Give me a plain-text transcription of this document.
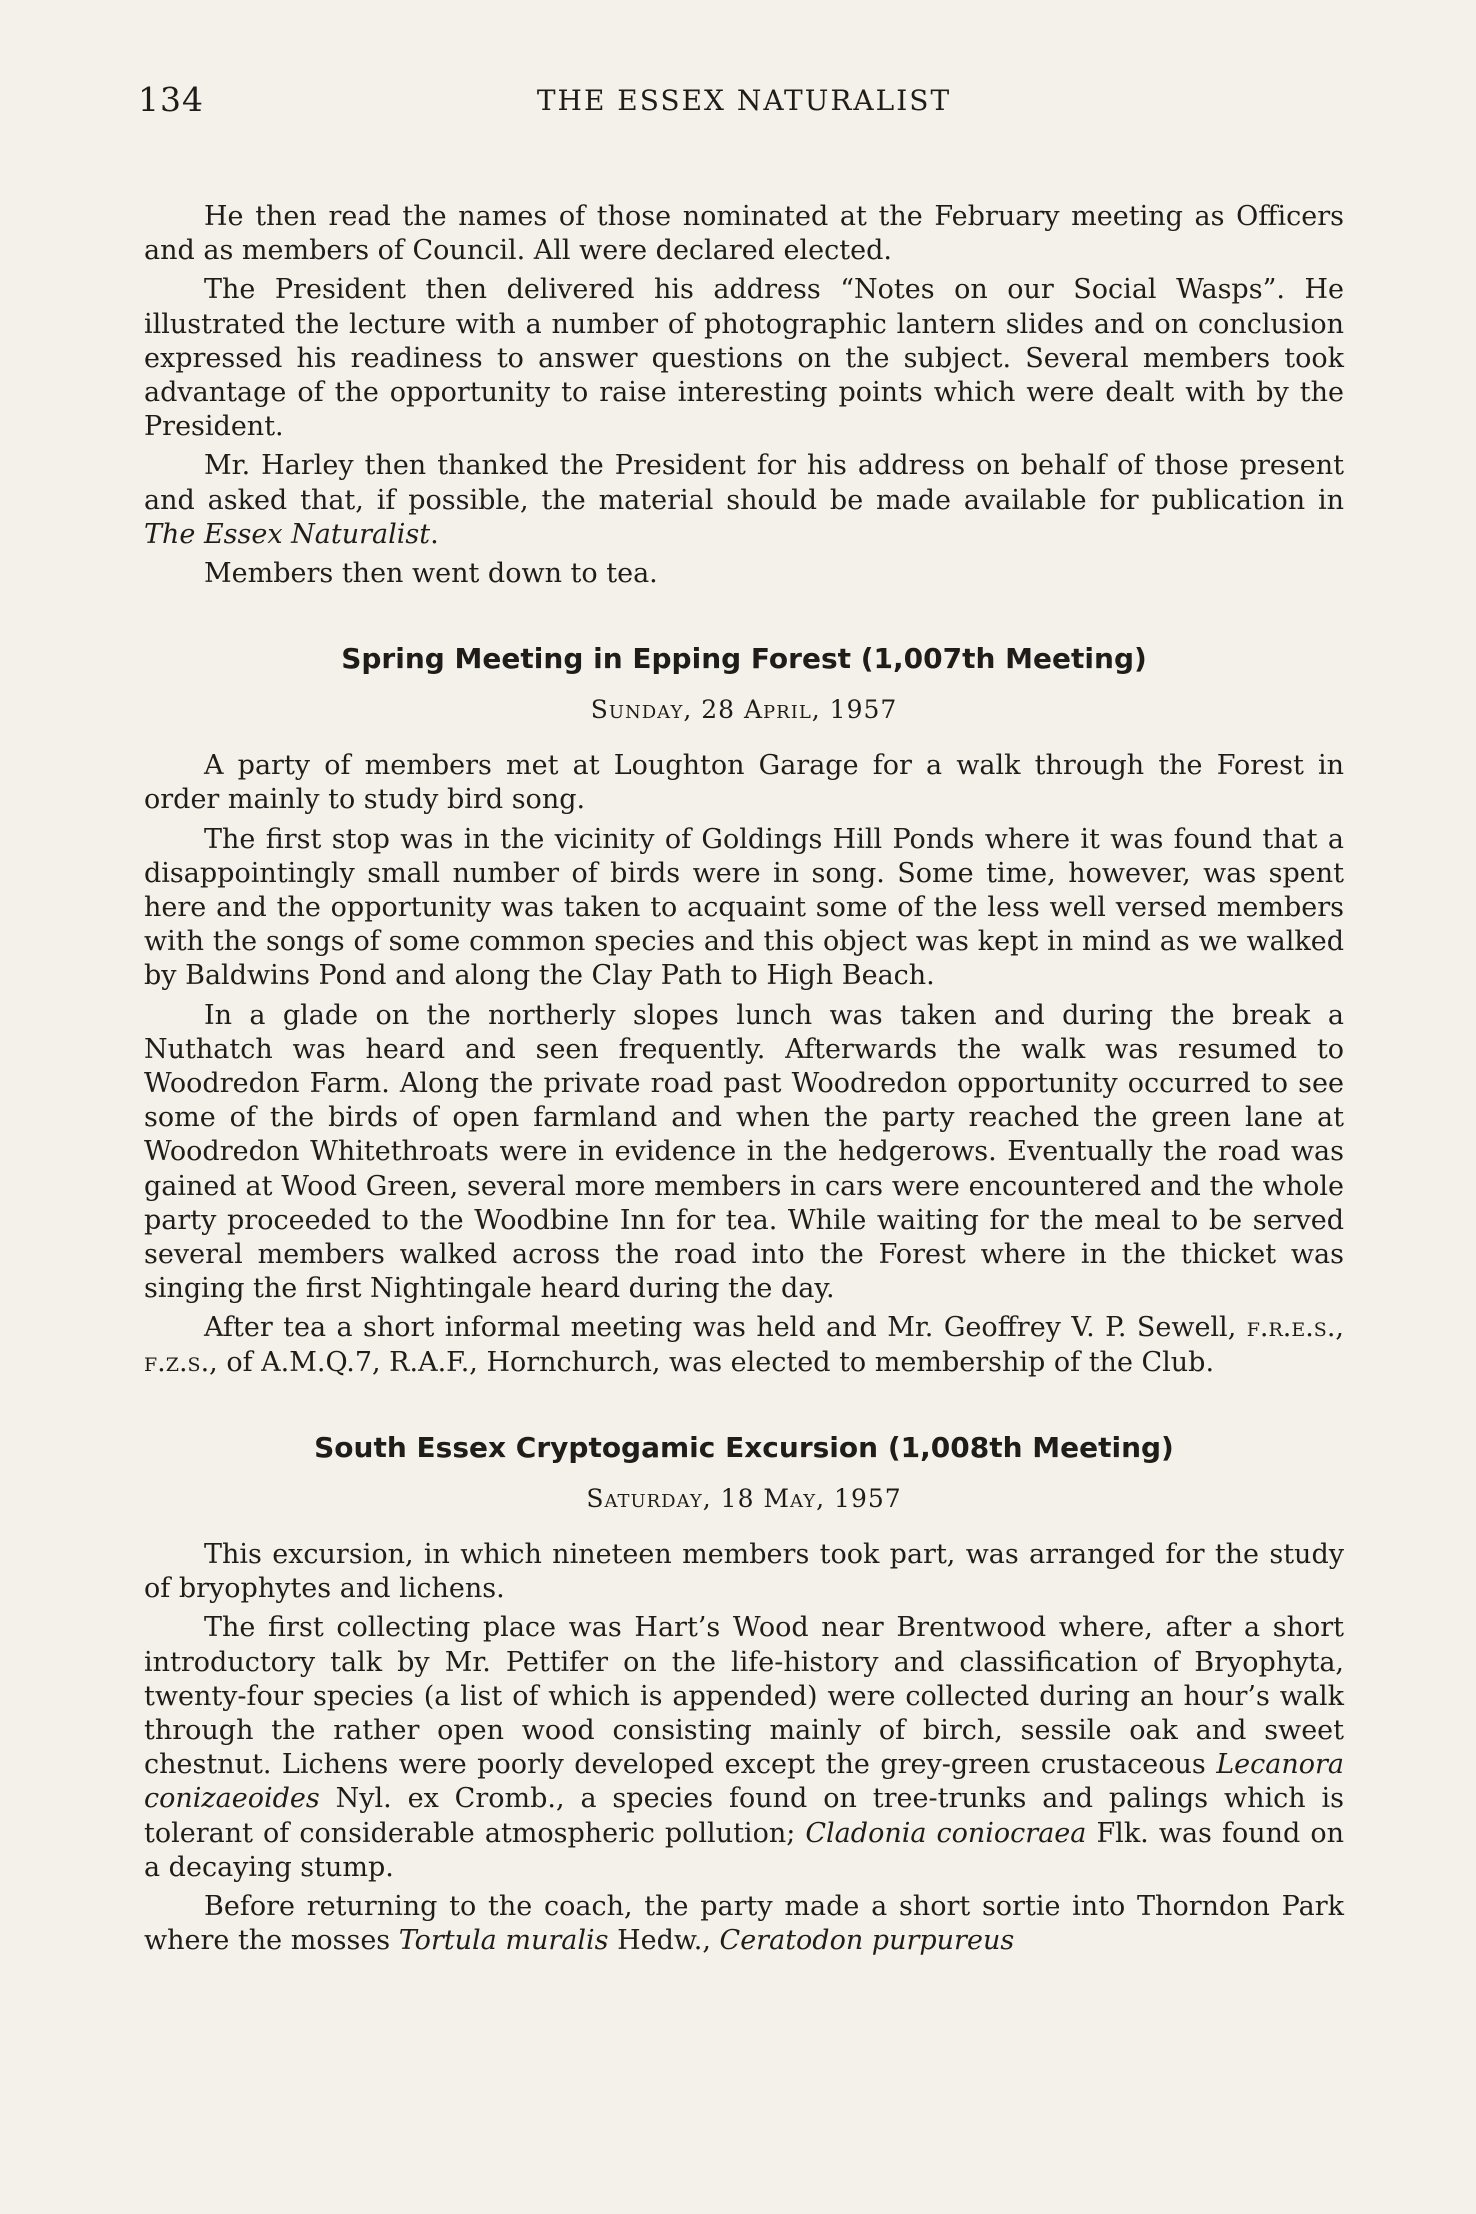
134	THE ESSEX NATURALIST

He then read the names of those nominated at the February meeting as Officers and as members of Council. All were declared elected.

The President then delivered his address “Notes on our Social Wasps”. He illustrated the lecture with a number of photographic lantern slides and on conclusion expressed his readiness to answer questions on the subject. Several members took advantage of the opportunity to raise interesting points which were dealt with by the President.

Mr. Harley then thanked the President for his address on behalf of those present and asked that, if possible, the material should be made available for publication in The Essex Naturalist.

Members then went down to tea.

Spring Meeting in Epping Forest (1,007th Meeting)
Sunday, 28 April, 1957

A party of members met at Loughton Garage for a walk through the Forest in order mainly to study bird song.

The first stop was in the vicinity of Goldings Hill Ponds where it was found that a disappointingly small number of birds were in song. Some time, however, was spent here and the opportunity was taken to acquaint some of the less well versed members with the songs of some common species and this object was kept in mind as we walked by Baldwins Pond and along the Clay Path to High Beach.

In a glade on the northerly slopes lunch was taken and during the break a Nuthatch was heard and seen frequently. Afterwards the walk was resumed to Woodredon Farm. Along the private road past Woodredon opportunity occurred to see some of the birds of open farmland and when the party reached the green lane at Woodredon Whitethroats were in evidence in the hedgerows. Eventually the road was gained at Wood Green, several more members in cars were encountered and the whole party proceeded to the Woodbine Inn for tea. While waiting for the meal to be served several members walked across the road into the Forest where in the thicket was singing the first Nightingale heard during the day.

After tea a short informal meeting was held and Mr. Geoffrey V. P. Sewell, f.r.e.s., f.z.s., of A.M.Q.7, R.A.F., Hornchurch, was elected to membership of the Club.

South Essex Cryptogamic Excursion (1,008th Meeting)
Saturday, 18 May, 1957

This excursion, in which nineteen members took part, was arranged for the study of bryophytes and lichens.

The first collecting place was Hart’s Wood near Brentwood where, after a short introductory talk by Mr. Pettifer on the life-history and classification of Bryophyta, twenty-four species (a list of which is appended) were collected during an hour’s walk through the rather open wood consisting mainly of birch, sessile oak and sweet chestnut. Lichens were poorly developed except the grey-green crustaceous Lecanora conizaeoides Nyl. ex Cromb., a species found on tree-trunks and palings which is tolerant of considerable atmospheric pollution; Cladonia coniocraea Flk. was found on a decaying stump.

Before returning to the coach, the party made a short sortie into Thorndon Park where the mosses Tortula muralis Hedw., Ceratodon purpureus
